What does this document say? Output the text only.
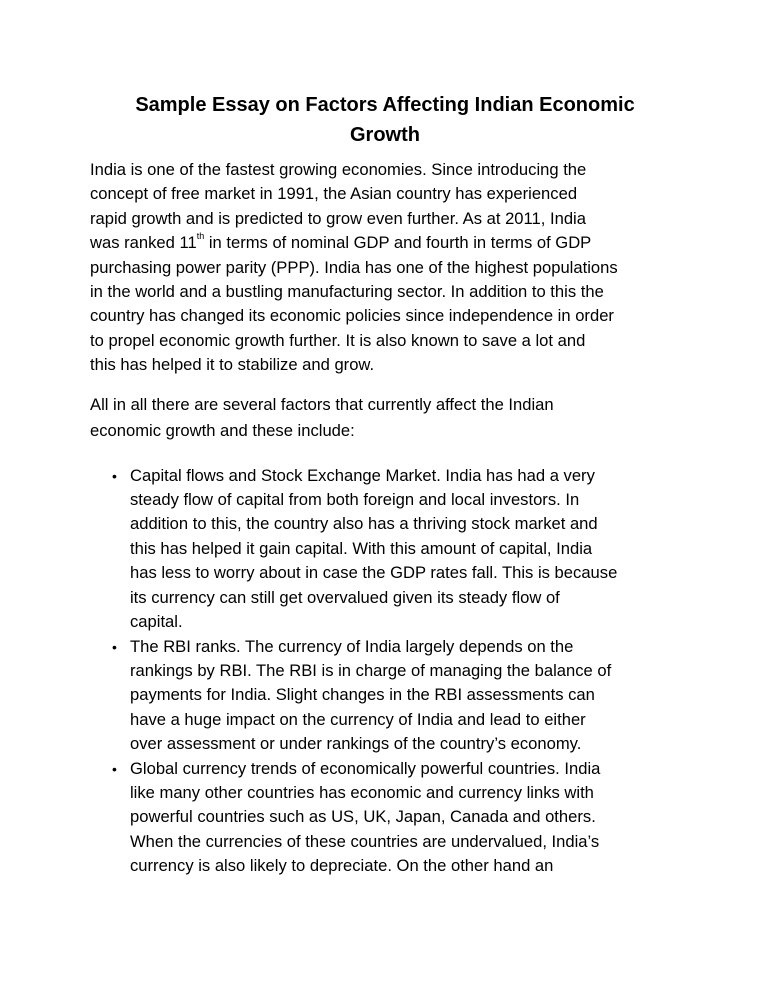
Sample Essay on Factors Affecting Indian Economic
Growth

India is one of the fastest growing economies. Since introducing the
concept of free market in 1991, the Asian country has experienced
rapid growth and is predicted to grow even further. As at 2011, India
was ranked 11th in terms of nominal GDP and fourth in terms of GDP
purchasing power parity (PPP). India has one of the highest populations
in the world and a bustling manufacturing sector. In addition to this the
country has changed its economic policies since independence in order
to propel economic growth further. It is also known to save a lot and
this has helped it to stabilize and grow.

All in all there are several factors that currently affect the Indian
economic growth and these include:

• Capital flows and Stock Exchange Market. India has had a very
steady flow of capital from both foreign and local investors. In
addition to this, the country also has a thriving stock market and
this has helped it gain capital. With this amount of capital, India
has less to worry about in case the GDP rates fall. This is because
its currency can still get overvalued given its steady flow of
capital.
• The RBI ranks. The currency of India largely depends on the
rankings by RBI. The RBI is in charge of managing the balance of
payments for India. Slight changes in the RBI assessments can
have a huge impact on the currency of India and lead to either
over assessment or under rankings of the country’s economy.
• Global currency trends of economically powerful countries. India
like many other countries has economic and currency links with
powerful countries such as US, UK, Japan, Canada and others.
When the currencies of these countries are undervalued, India’s
currency is also likely to depreciate. On the other hand an
